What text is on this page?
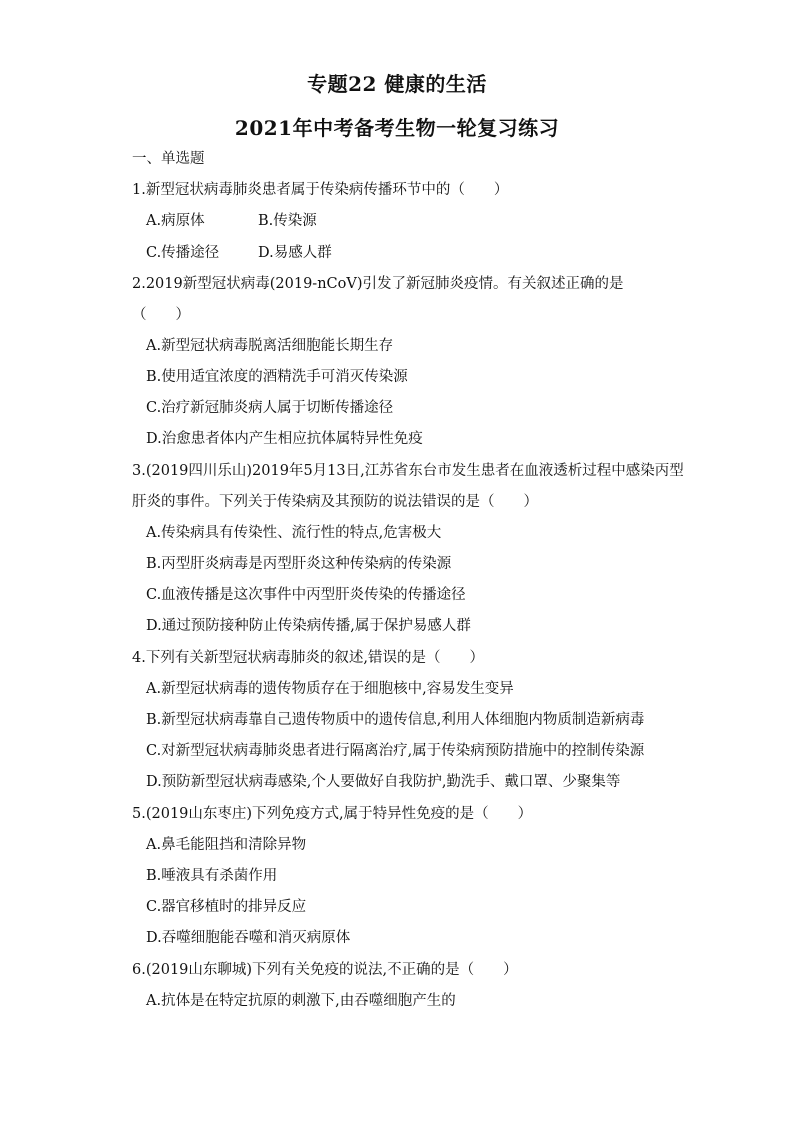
专题22 健康的生活
2021年中考备考生物一轮复习练习
一、单选题
1.新型冠状病毒肺炎患者属于传染病传播环节中的（　　）
A.病原体	B.传染源
C.传播途径	D.易感人群
2.2019新型冠状病毒(2019-nCoV)引发了新冠肺炎疫情。有关叙述正确的是
（　　）
A.新型冠状病毒脱离活细胞能长期生存
B.使用适宜浓度的酒精洗手可消灭传染源
C.治疗新冠肺炎病人属于切断传播途径
D.治愈患者体内产生相应抗体属特异性免疫
3.(2019四川乐山)2019年5月13日,江苏省东台市发生患者在血液透析过程中感染丙型
肝炎的事件。下列关于传染病及其预防的说法错误的是（　　）
A.传染病具有传染性、流行性的特点,危害极大
B.丙型肝炎病毒是丙型肝炎这种传染病的传染源
C.血液传播是这次事件中丙型肝炎传染的传播途径
D.通过预防接种防止传染病传播,属于保护易感人群
4.下列有关新型冠状病毒肺炎的叙述,错误的是（　　）
A.新型冠状病毒的遗传物质存在于细胞核中,容易发生变异
B.新型冠状病毒靠自己遗传物质中的遗传信息,利用人体细胞内物质制造新病毒
C.对新型冠状病毒肺炎患者进行隔离治疗,属于传染病预防措施中的控制传染源
D.预防新型冠状病毒感染,个人要做好自我防护,勤洗手、戴口罩、少聚集等
5.(2019山东枣庄)下列免疫方式,属于特异性免疫的是（　　）
A.鼻毛能阻挡和清除异物
B.唾液具有杀菌作用
C.器官移植时的排异反应
D.吞噬细胞能吞噬和消灭病原体
6.(2019山东聊城)下列有关免疫的说法,不正确的是（　　）
A.抗体是在特定抗原的刺激下,由吞噬细胞产生的
